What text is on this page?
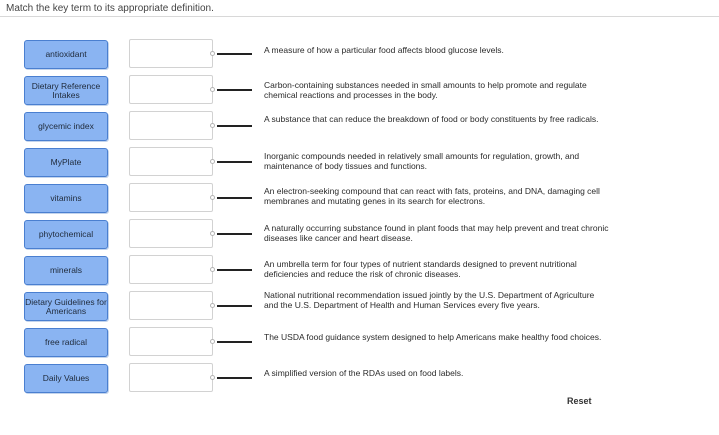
Match the key term to its appropriate definition.
antioxidant
Dietary Reference Intakes
glycemic index
MyPlate
vitamins
phytochemical
minerals
Dietary Guidelines for Americans
free radical
Daily Values
A measure of how a particular food affects blood glucose levels.
Carbon-containing substances needed in small amounts to help promote and regulate chemical reactions and processes in the body.
A substance that can reduce the breakdown of food or body constituents by free radicals.
Inorganic compounds needed in relatively small amounts for regulation, growth, and maintenance of body tissues and functions.
An electron-seeking compound that can react with fats, proteins, and DNA, damaging cell membranes and mutating genes in its search for electrons.
A naturally occurring substance found in plant foods that may help prevent and treat chronic diseases like cancer and heart disease.
An umbrella term for four types of nutrient standards designed to prevent nutritional deficiencies and reduce the risk of chronic diseases.
National nutritional recommendation issued jointly by the U.S. Department of Agriculture and the U.S. Department of Health and Human Services every five years.
The USDA food guidance system designed to help Americans make healthy food choices.
A simplified version of the RDAs used on food labels.
Reset
